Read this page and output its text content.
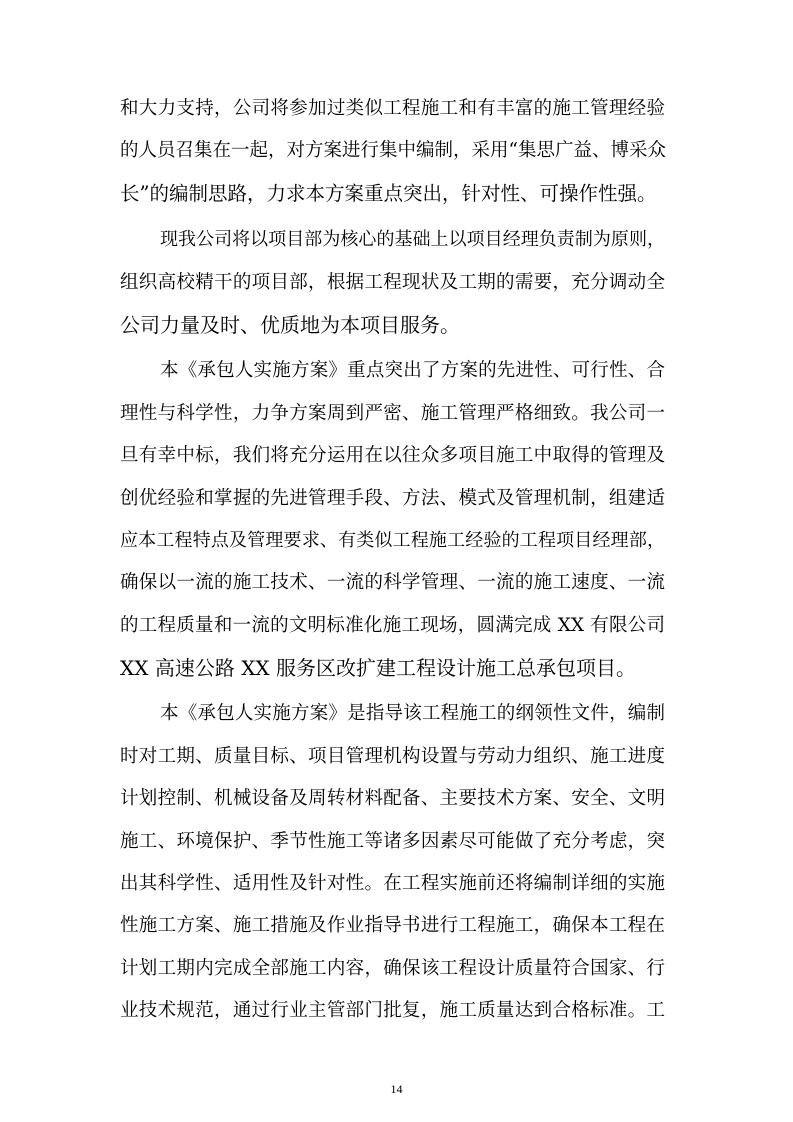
和大力支持，公司将参加过类似工程施工和有丰富的施工管理经验
的人员召集在一起，对方案进行集中编制，采用“集思广益、博采众
长”的编制思路，力求本方案重点突出，针对性、可操作性强。
现我公司将以项目部为核心的基础上以项目经理负责制为原则，
组织高校精干的项目部，根据工程现状及工期的需要，充分调动全
公司力量及时、优质地为本项目服务。
本《承包人实施方案》重点突出了方案的先进性、可行性、合
理性与科学性，力争方案周到严密、施工管理严格细致。我公司一
旦有幸中标，我们将充分运用在以往众多项目施工中取得的管理及
创优经验和掌握的先进管理手段、方法、模式及管理机制，组建适
应本工程特点及管理要求、有类似工程施工经验的工程项目经理部，
确保以一流的施工技术、一流的科学管理、一流的施工速度、一流
的工程质量和一流的文明标准化施工现场，圆满完成 XX 有限公司
XX 高速公路 XX 服务区改扩建工程设计施工总承包项目。
本《承包人实施方案》是指导该工程施工的纲领性文件，编制
时对工期、质量目标、项目管理机构设置与劳动力组织、施工进度
计划控制、机械设备及周转材料配备、主要技术方案、安全、文明
施工、环境保护、季节性施工等诸多因素尽可能做了充分考虑，突
出其科学性、适用性及针对性。在工程实施前还将编制详细的实施
性施工方案、施工措施及作业指导书进行工程施工，确保本工程在
计划工期内完成全部施工内容，确保该工程设计质量符合国家、行
业技术规范，通过行业主管部门批复，施工质量达到合格标准。工
14
